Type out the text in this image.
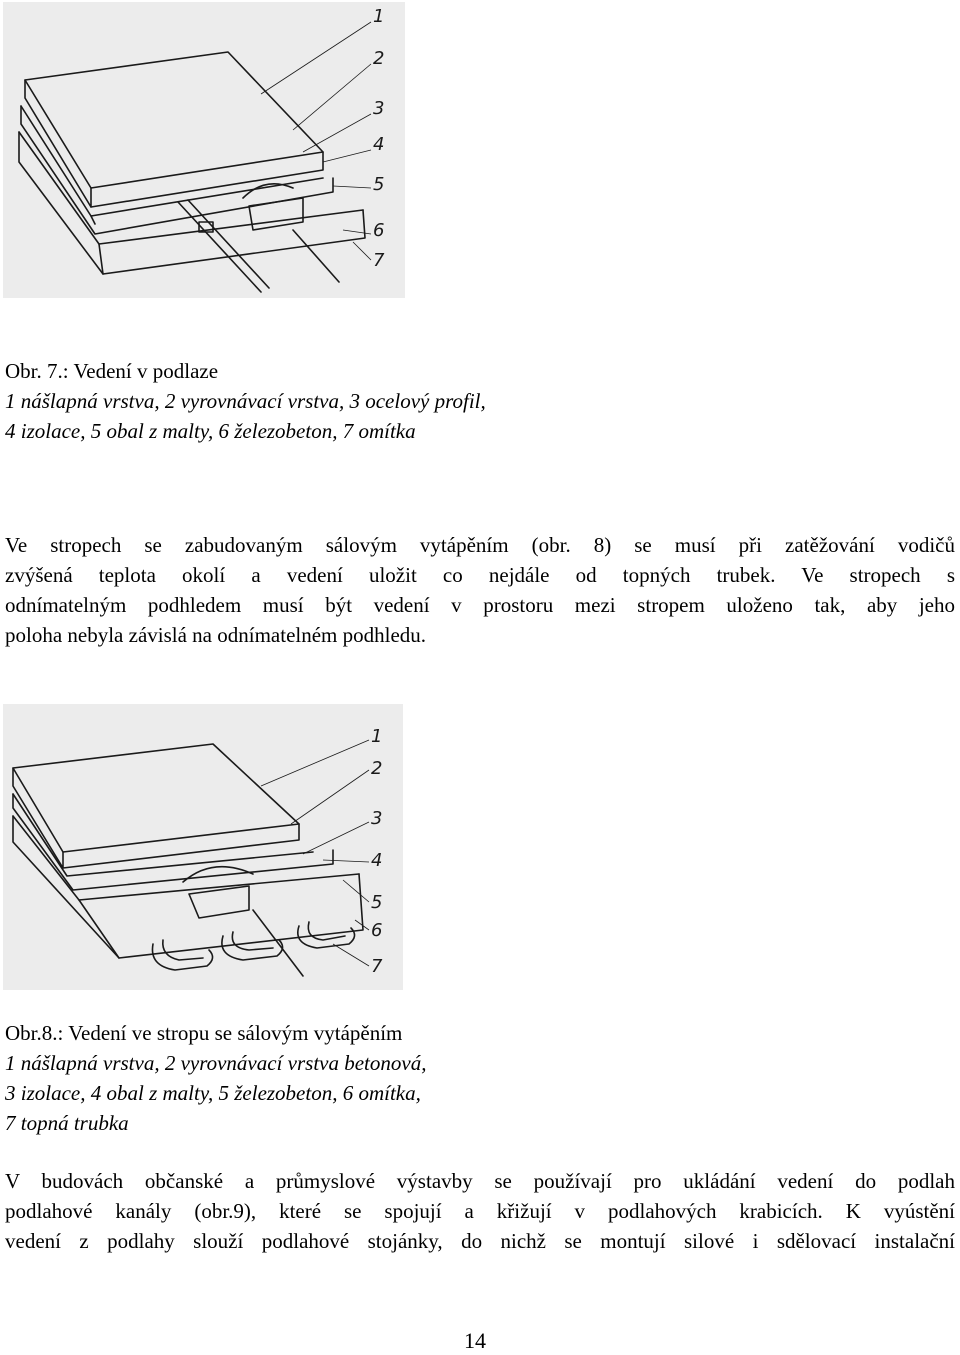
1
2
3
4
5
6
7
Obr. 7.: Vedení v podlaze
1 nášlapná vrstva, 2 vyrovnávací vrstva, 3 ocelový profil,
4 izolace, 5 obal z malty, 6 železobeton, 7 omítka
Ve stropech se zabudovaným sálovým vytápěním (obr. 8) se musí při zatěžování vodičů
zvýšená teplota okolí a vedení uložit co nejdále od topných trubek. Ve stropech s
odnímatelným podhledem musí být vedení v prostoru mezi stropem uloženo tak, aby jeho
poloha nebyla závislá na odnímatelném podhledu.
1
2
3
4
5
6
7
Obr.8.: Vedení ve stropu se sálovým vytápěním
1 nášlapná vrstva, 2 vyrovnávací vrstva betonová,
3 izolace, 4 obal z malty, 5 železobeton, 6 omítka,
7 topná trubka
V budovách občanské a průmyslové výstavby se používají pro ukládání vedení do podlah
podlahové kanály (obr.9), které se spojují a křižují v podlahových krabicích. K vyústění
vedení z podlahy slouží podlahové stojánky, do nichž se montují silové i sdělovací instalační
14
